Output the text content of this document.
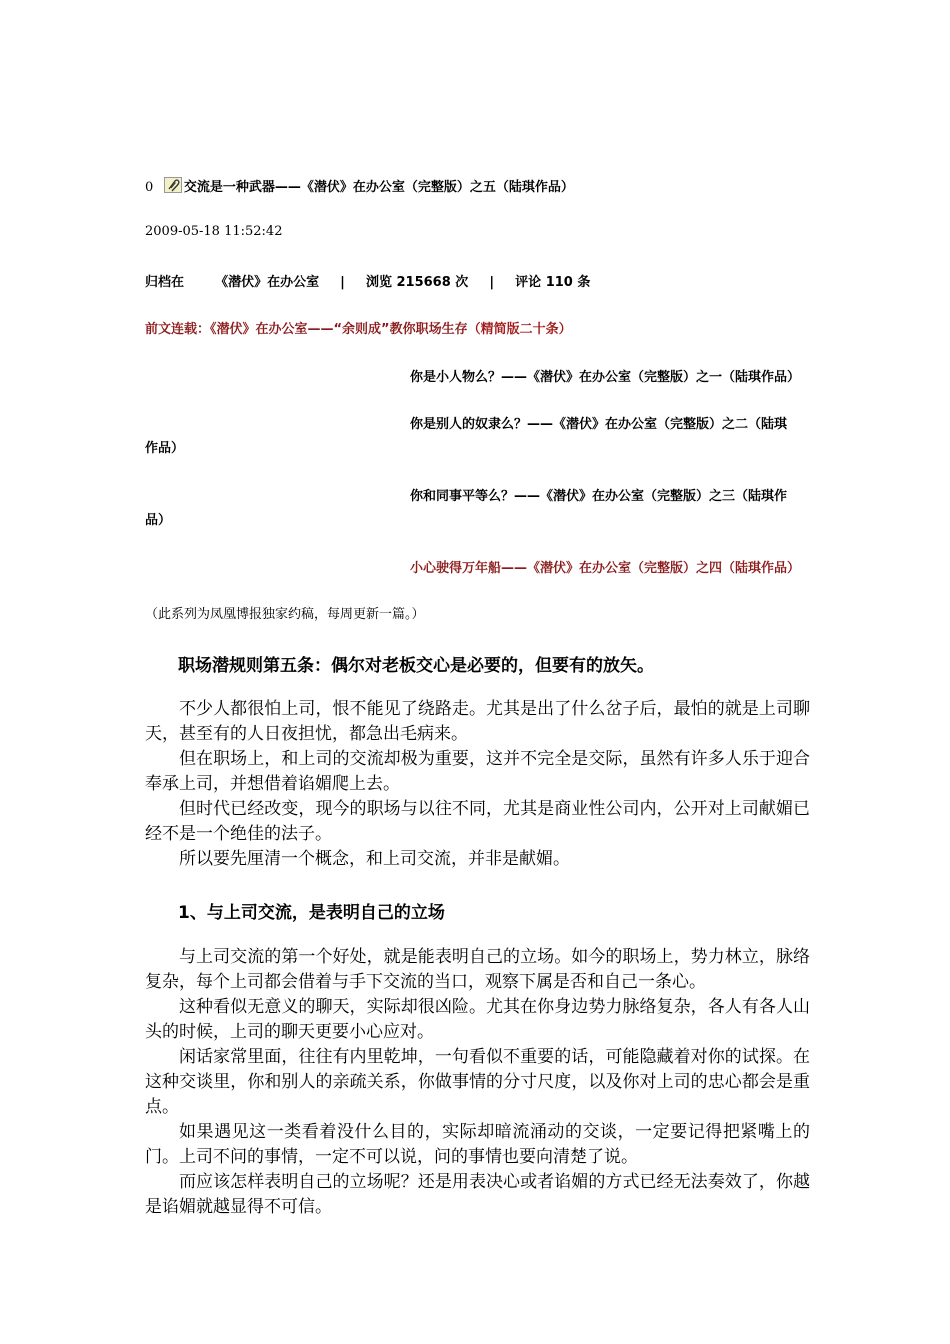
0 交流是一种武器——《潜伏》在办公室（完整版）之五（陆琪作品）
2009-05-18 11:52:42
归档在 《潜伏》在办公室 | 浏览 215668 次 | 评论 110 条
前文连载：《潜伏》在办公室——“余则成”教你职场生存（精简版二十条）
你是小人物么？——《潜伏》在办公室（完整版）之一（陆琪作品）
你是别人的奴隶么？——《潜伏》在办公室（完整版）之二（陆琪
作品）
你和同事平等么？——《潜伏》在办公室（完整版）之三（陆琪作
品）
小心驶得万年船——《潜伏》在办公室（完整版）之四（陆琪作品）
（此系列为凤凰博报独家约稿，每周更新一篇。）
职场潜规则第五条：偶尔对老板交心是必要的，但要有的放矢。

不少人都很怕上司，恨不能见了绕路走。尤其是出了什么岔子后，最怕的就是上司聊天，甚至有的人日夜担忧，都急出毛病来。

但在职场上，和上司的交流却极为重要，这并不完全是交际，虽然有许多人乐于迎合奉承上司，并想借着谄媚爬上去。

但时代已经改变，现今的职场与以往不同，尤其是商业性公司内，公开对上司献媚已经不是一个绝佳的法子。

所以要先厘清一个概念，和上司交流，并非是献媚。

1、与上司交流，是表明自己的立场

与上司交流的第一个好处，就是能表明自己的立场。如今的职场上，势力林立，脉络复杂，每个上司都会借着与手下交流的当口，观察下属是否和自己一条心。

这种看似无意义的聊天，实际却很凶险。尤其在你身边势力脉络复杂，各人有各人山头的时候，上司的聊天更要小心应对。

闲话家常里面，往往有内里乾坤，一句看似不重要的话，可能隐藏着对你的试探。在这种交谈里，你和别人的亲疏关系，你做事情的分寸尺度，以及你对上司的忠心都会是重点。

如果遇见这一类看着没什么目的，实际却暗流涌动的交谈，一定要记得把紧嘴上的门。上司不问的事情，一定不可以说，问的事情也要向清楚了说。

而应该怎样表明自己的立场呢？还是用表决心或者谄媚的方式已经无法奏效了，你越是谄媚就越显得不可信。
